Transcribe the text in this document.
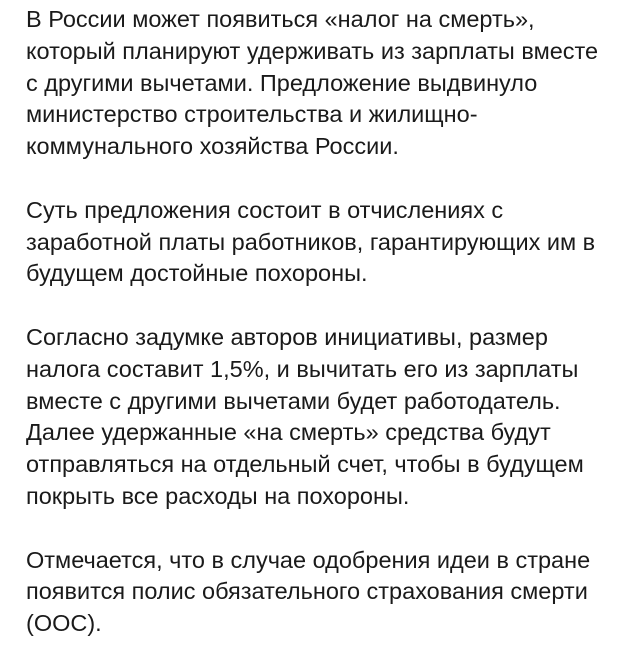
В России может появиться «налог на смерть»,
который планируют удерживать из зарплаты вместе
с другими вычетами. Предложение выдвинуло
министерство строительства и жилищно-
коммунального хозяйства России.

Суть предложения состоит в отчислениях с
заработной платы работников, гарантирующих им в
будущем достойные похороны.

Согласно задумке авторов инициативы, размер
налога составит 1,5%, и вычитать его из зарплаты
вместе с другими вычетами будет работодатель.
Далее удержанные «на смерть» средства будут
отправляться на отдельный счет, чтобы в будущем
покрыть все расходы на похороны.

Отмечается, что в случае одобрения идеи в стране
появится полис обязательного страхования смерти
(ООС).
